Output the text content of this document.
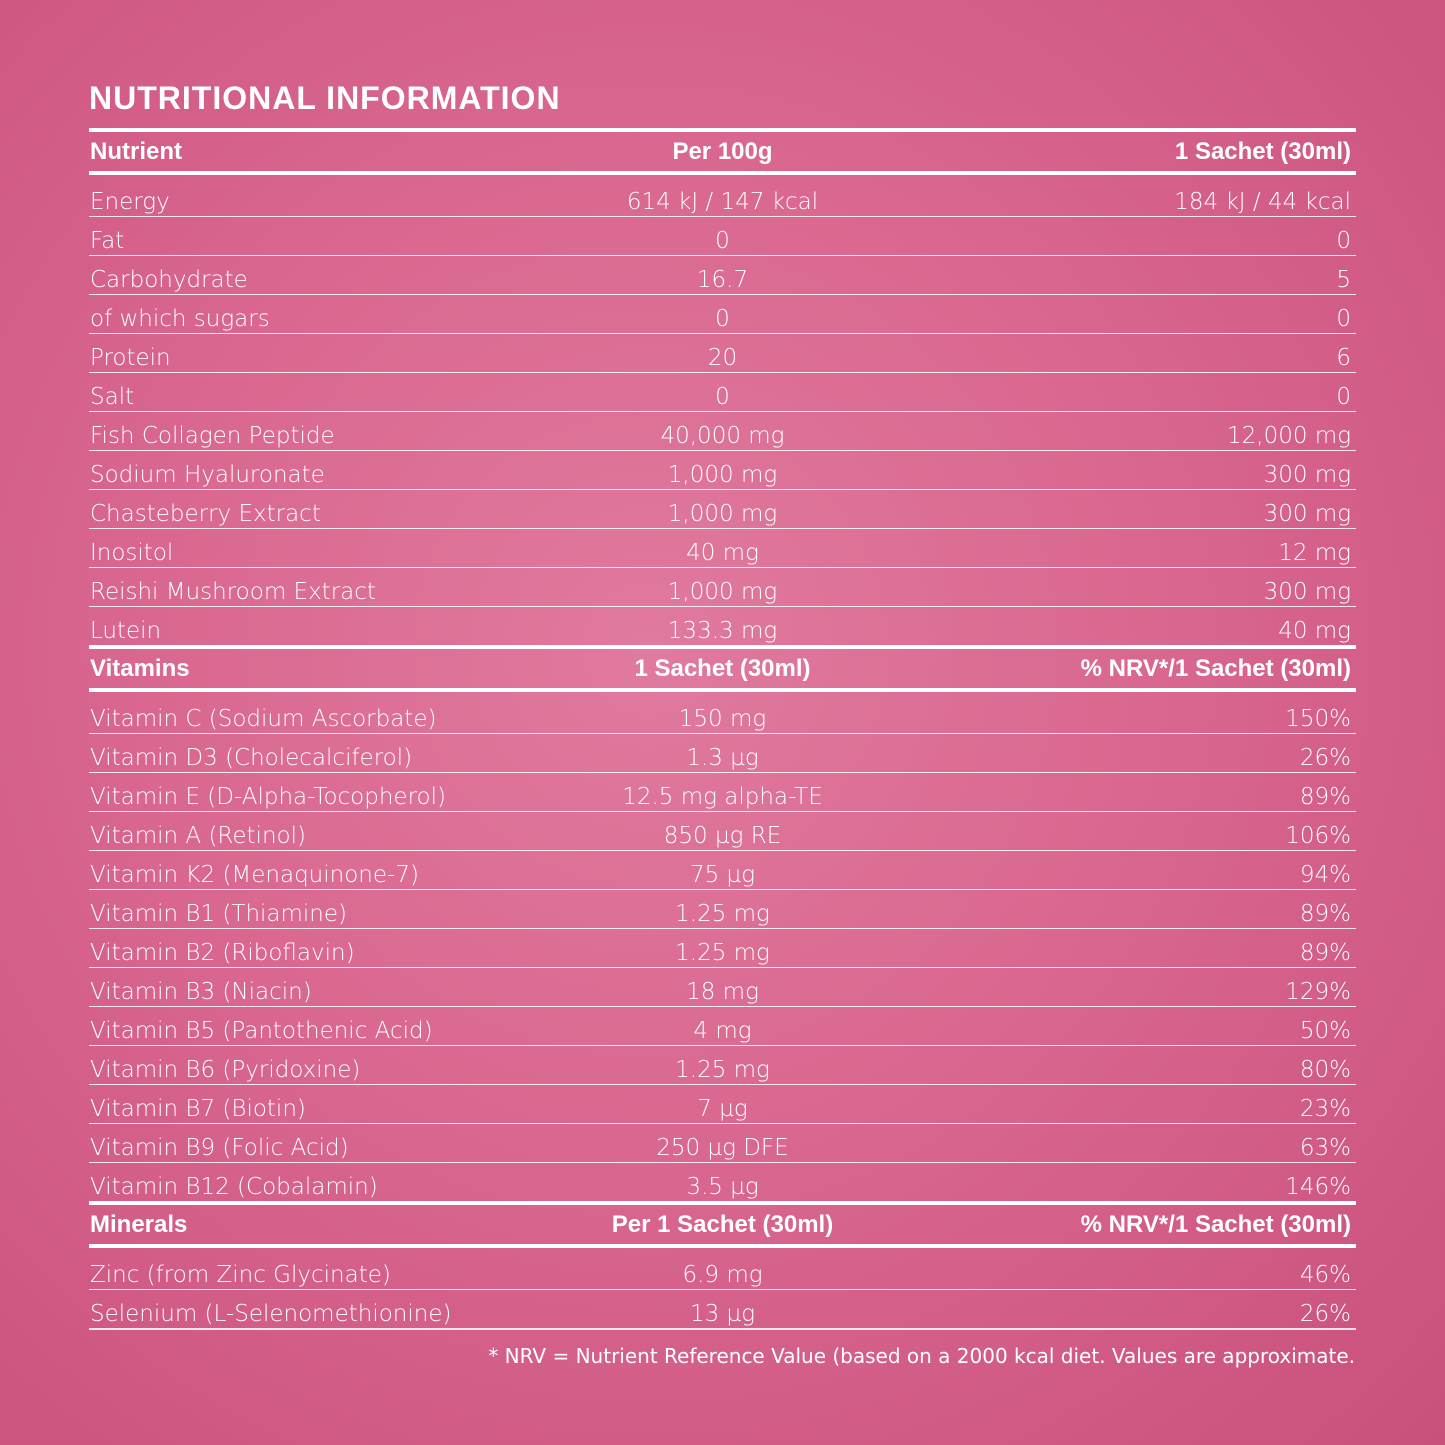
NUTRITIONAL INFORMATION
Nutrient	Per 100g	1 Sachet (30ml)
Energy	614 kJ / 147 kcal	184 kJ / 44 kcal
Fat	0	0
Carbohydrate	16.7	5
of which sugars	0	0
Protein	20	6
Salt	0	0
Fish Collagen Peptide	40,000 mg	12,000 mg
Sodium Hyaluronate	1,000 mg	300 mg
Chasteberry Extract	1,000 mg	300 mg
Inositol	40 mg	12 mg
Reishi Mushroom Extract	1,000 mg	300 mg
Lutein	133.3 mg	40 mg
Vitamins	1 Sachet (30ml)	% NRV*/1 Sachet (30ml)
Vitamin C (Sodium Ascorbate)	150 mg	150%
Vitamin D3 (Cholecalciferol)	1.3 µg	26%
Vitamin E (D-Alpha-Tocopherol)	12.5 mg alpha-TE	89%
Vitamin A (Retinol)	850 µg RE	106%
Vitamin K2 (Menaquinone-7)	75 µg	94%
Vitamin B1 (Thiamine)	1.25 mg	89%
Vitamin B2 (Riboflavin)	1.25 mg	89%
Vitamin B3 (Niacin)	18 mg	129%
Vitamin B5 (Pantothenic Acid)	4 mg	50%
Vitamin B6 (Pyridoxine)	1.25 mg	80%
Vitamin B7 (Biotin)	7 µg	23%
Vitamin B9 (Folic Acid)	250 µg DFE	63%
Vitamin B12 (Cobalamin)	3.5 µg	146%
Minerals	Per 1 Sachet (30ml)	% NRV*/1 Sachet (30ml)
Zinc (from Zinc Glycinate)	6.9 mg	46%
Selenium (L-Selenomethionine)	13 µg	26%
* NRV = Nutrient Reference Value (based on a 2000 kcal diet. Values are approximate.
